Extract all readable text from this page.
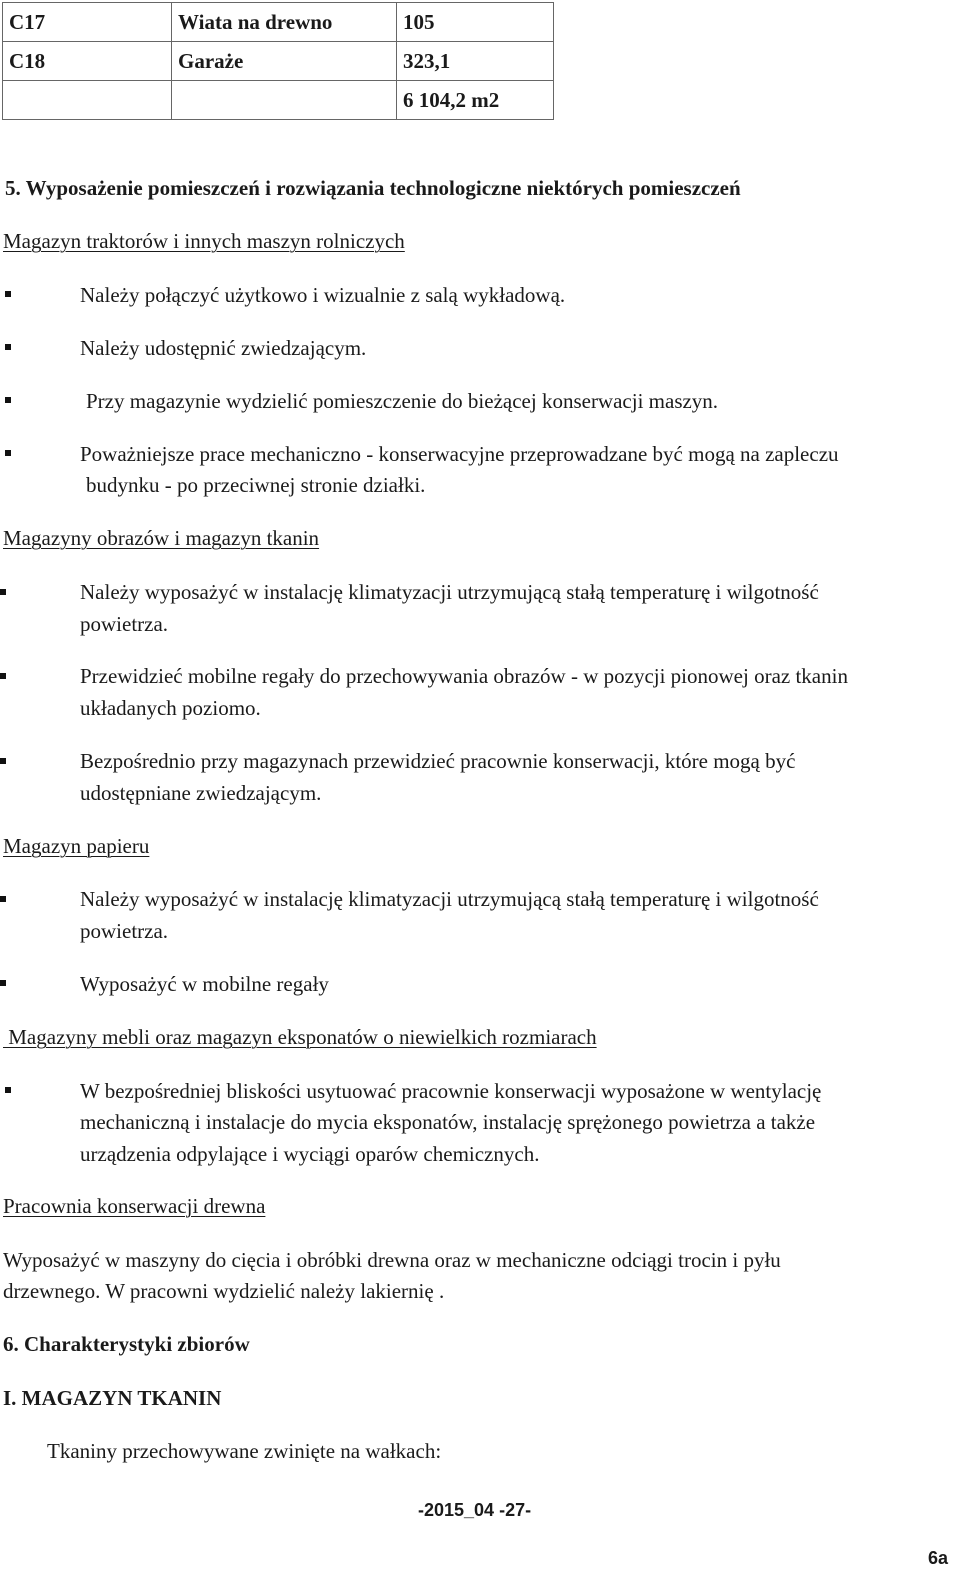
C17	Wiata na drewno	105
C18	Garaże	323,1
		6 104,2 m2
5. Wyposażenie pomieszczeń i rozwiązania technologiczne niektórych pomieszczeń
Magazyn traktorów i innych maszyn rolniczych
Należy połączyć użytkowo i wizualnie z salą wykładową.
Należy udostępnić zwiedzającym.
Przy magazynie wydzielić pomieszczenie do bieżącej konserwacji maszyn.
Poważniejsze prace mechaniczno - konserwacyjne przeprowadzane być mogą na zapleczu
budynku - po przeciwnej stronie działki.
Magazyny obrazów i magazyn tkanin
Należy wyposażyć w instalację klimatyzacji utrzymującą stałą temperaturę i wilgotność
powietrza.
Przewidzieć mobilne regały do przechowywania obrazów - w pozycji pionowej oraz tkanin
układanych poziomo.
Bezpośrednio przy magazynach przewidzieć pracownie konserwacji, które mogą być
udostępniane zwiedzającym.
Magazyn papieru
Należy wyposażyć w instalację klimatyzacji utrzymującą stałą temperaturę i wilgotność
powietrza.
Wyposażyć w mobilne regały
Magazyny mebli oraz magazyn eksponatów o niewielkich rozmiarach
W bezpośredniej bliskości usytuować pracownie konserwacji wyposażone w wentylację
mechaniczną i instalacje do mycia eksponatów, instalację sprężonego powietrza a także
urządzenia odpylające i wyciągi oparów chemicznych.
Pracownia konserwacji drewna
Wyposażyć w maszyny do cięcia i obróbki drewna oraz w mechaniczne odciągi trocin i pyłu
drzewnego. W pracowni wydzielić należy lakiernię .
6. Charakterystyki zbiorów
I. MAGAZYN TKANIN
Tkaniny przechowywane zwinięte na wałkach:
-2015_04 -27-
6a
